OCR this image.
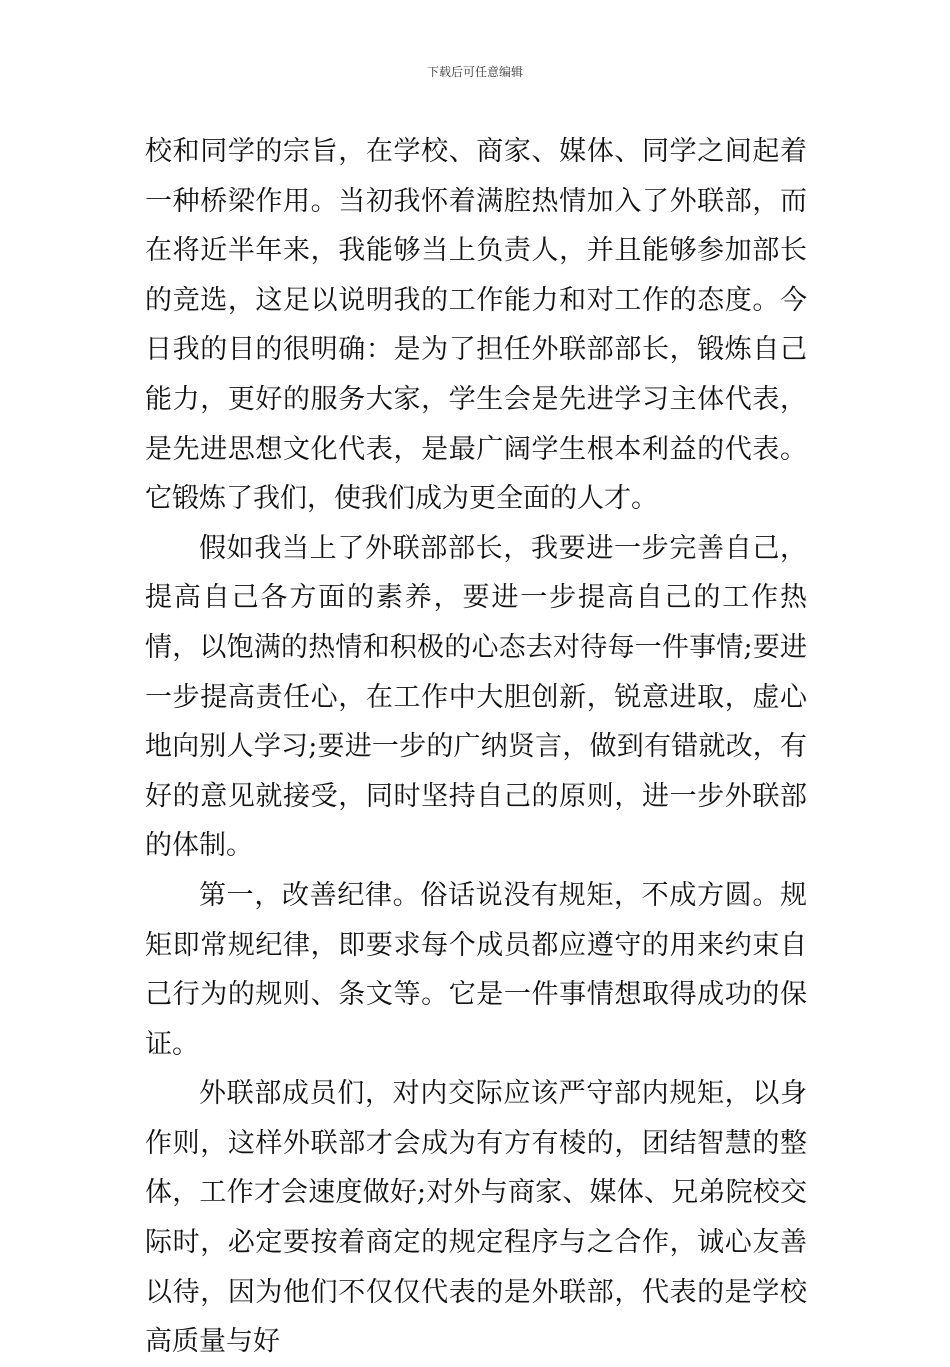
下载后可任意编辑

校和同学的宗旨，在学校、商家、媒体、同学之间起着一种桥梁作用。当初我怀着满腔热情加入了外联部，而在将近半年来，我能够当上负责人，并且能够参加部长的竞选，这足以说明我的工作能力和对工作的态度。今日我的目的很明确：是为了担任外联部部长，锻炼自己能力，更好的服务大家，学生会是先进学习主体代表，是先进思想文化代表，是最广阔学生根本利益的代表。它锻炼了我们，使我们成为更全面的人才。

假如我当上了外联部部长，我要进一步完善自己，提高自己各方面的素养，要进一步提高自己的工作热情，以饱满的热情和积极的心态去对待每一件事情;要进一步提高责任心，在工作中大胆创新，锐意进取，虚心地向别人学习;要进一步的广纳贤言，做到有错就改，有好的意见就接受，同时坚持自己的原则，进一步外联部的体制。

第一，改善纪律。俗话说没有规矩，不成方圆。规矩即常规纪律，即要求每个成员都应遵守的用来约束自己行为的规则、条文等。它是一件事情想取得成功的保证。

外联部成员们，对内交际应该严守部内规矩，以身作则，这样外联部才会成为有方有棱的，团结智慧的整体，工作才会速度做好;对外与商家、媒体、兄弟院校交际时，必定要按着商定的规定程序与之合作，诚心友善以待，因为他们不仅仅代表的是外联部，代表的是学校高质量与好
